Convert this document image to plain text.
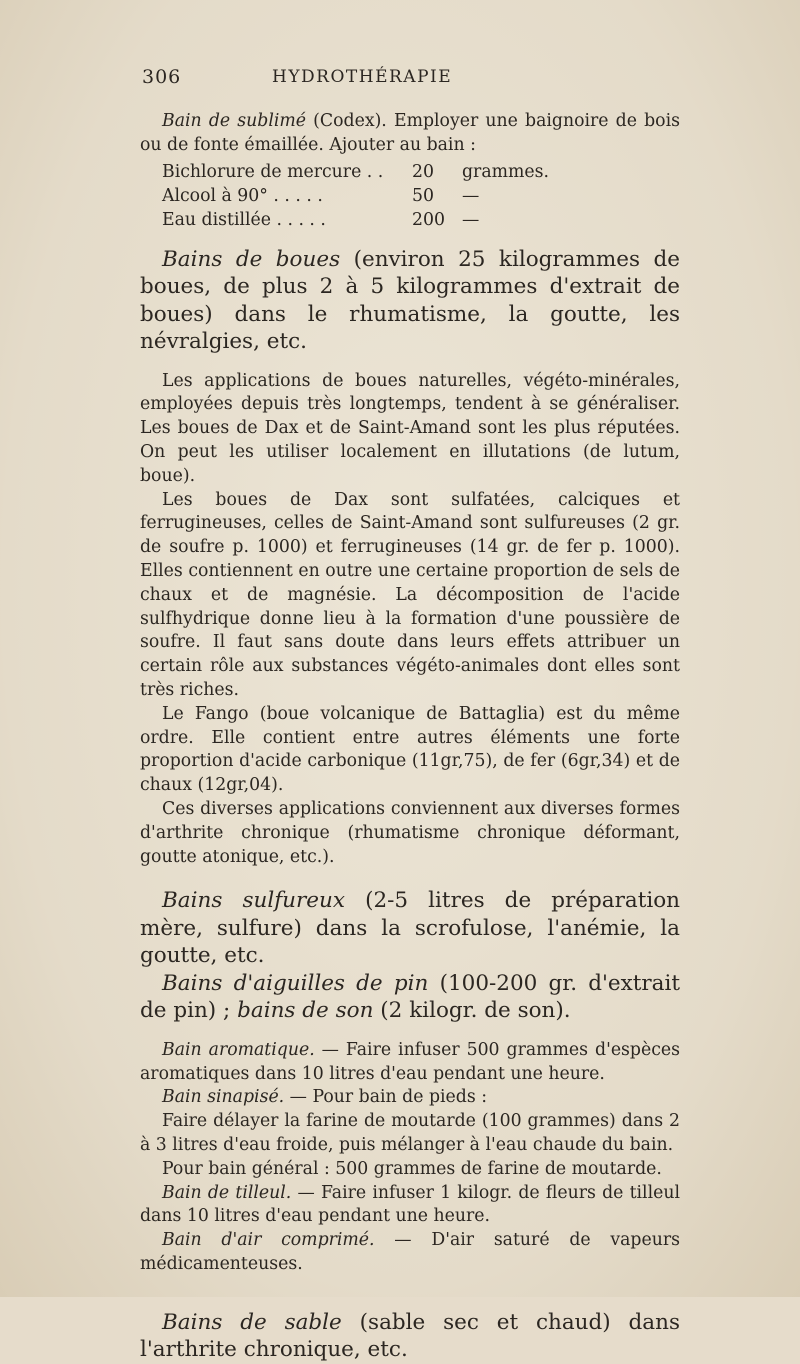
306	HYDROTHÉRAPIE

Bain de sublimé (Codex). Employer une baignoire de bois ou de fonte émaillée. Ajouter au bain :

Bichlorure de mercure . . 20 grammes.
Alcool à 90° . . . . .	50 —
Eau distillée . . . . .	200 —

Bains de boues (environ 25 kilogrammes de boues, de plus 2 à 5 kilogrammes d'extrait de boues) dans le rhumatisme, la goutte, les névralgies, etc.

Les applications de boues naturelles, végéto-minérales, employées depuis très longtemps, tendent à se généraliser. Les boues de Dax et de Saint-Amand sont les plus réputées. On peut les utiliser localement en illutations (de lutum, boue).

Les boues de Dax sont sulfatées, calciques et ferrugineuses, celles de Saint-Amand sont sulfureuses (2 gr. de soufre p. 1000) et ferrugineuses (14 gr. de fer p. 1000). Elles contiennent en outre une certaine proportion de sels de chaux et de magnésie. La décomposition de l'acide sulfhydrique donne lieu à la formation d'une poussière de soufre. Il faut sans doute dans leurs effets attribuer un certain rôle aux substances végéto-animales dont elles sont très riches.

Le Fango (boue volcanique de Battaglia) est du même ordre. Elle contient entre autres éléments une forte proportion d'acide carbonique (11gr,75), de fer (6gr,34) et de chaux (12gr,04).

Ces diverses applications conviennent aux diverses formes d'arthrite chronique (rhumatisme chronique déformant, goutte atonique, etc.).

Bains sulfureux (2-5 litres de préparation mère, sulfure) dans la scrofulose, l'anémie, la goutte, etc.

Bains d'aiguilles de pin (100-200 gr. d'extrait de pin) ; bains de son (2 kilogr. de son).

Bain aromatique. — Faire infuser 500 grammes d'espèces aromatiques dans 10 litres d'eau pendant une heure.

Bain sinapisé. — Pour bain de pieds :

Faire délayer la farine de moutarde (100 grammes) dans 2 à 3 litres d'eau froide, puis mélanger à l'eau chaude du bain.

Pour bain général : 500 grammes de farine de moutarde.

Bain de tilleul. — Faire infuser 1 kilogr. de fleurs de tilleul dans 10 litres d'eau pendant une heure.

Bain d'air comprimé. — D'air saturé de vapeurs médicamenteuses.

Bains de sable (sable sec et chaud) dans l'arthrite chronique, etc.
